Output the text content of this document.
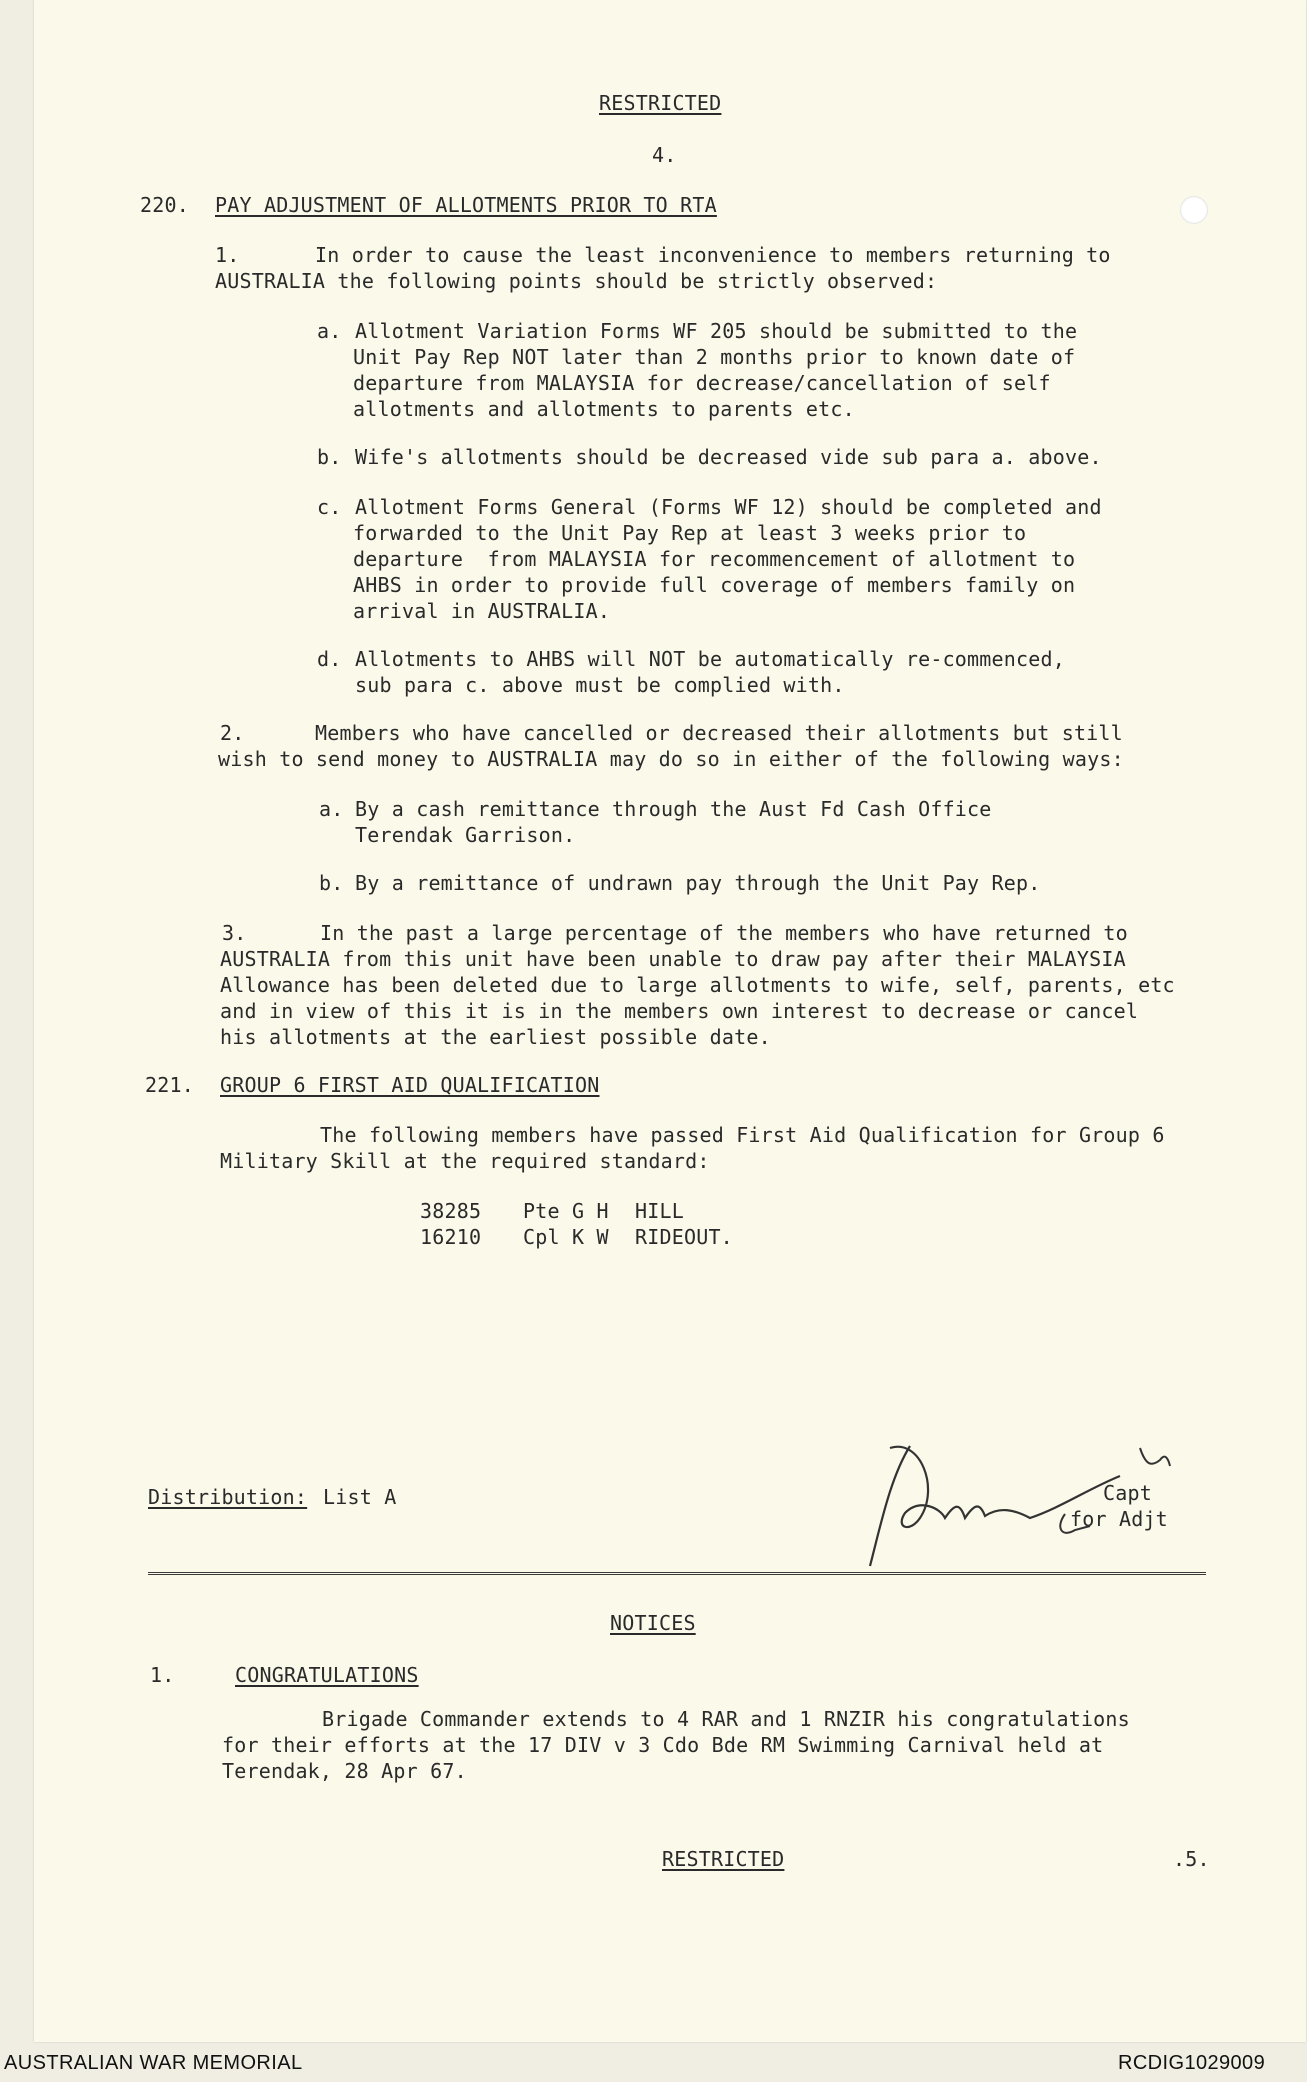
RESTRICTED
4.
220. PAY ADJUSTMENT OF ALLOTMENTS PRIOR TO RTA
1.	In order to cause the least inconvenience to members returning to
AUSTRALIA the following points should be strictly observed:
a. Allotment Variation Forms WF 205 should be submitted to the
Unit Pay Rep NOT later than 2 months prior to known date of
departure from MALAYSIA for decrease/cancellation of self
allotments and allotments to parents etc.
b. Wife's allotments should be decreased vide sub para a. above.
c. Allotment Forms General (Forms WF 12) should be completed and
forwarded to the Unit Pay Rep at least 3 weeks prior to
departure  from MALAYSIA for recommencement of allotment to
AHBS in order to provide full coverage of members family on
arrival in AUSTRALIA.
d. Allotments to AHBS will NOT be automatically re-commenced,
sub para c. above must be complied with.
2.	Members who have cancelled or decreased their allotments but still
wish to send money to AUSTRALIA may do so in either of the following ways:
a. By a cash remittance through the Aust Fd Cash Office
Terendak Garrison.
b. By a remittance of undrawn pay through the Unit Pay Rep.
3.	In the past a large percentage of the members who have returned to
AUSTRALIA from this unit have been unable to draw pay after their MALAYSIA
Allowance has been deleted due to large allotments to wife, self, parents, etc
and in view of this it is in the members own interest to decrease or cancel
his allotments at the earliest possible date.
221. GROUP 6 FIRST AID QUALIFICATION
The following members have passed First Aid Qualification for Group 6
Military Skill at the required standard:
38285 Pte G H HILL
16210 Cpl K W RIDEOUT.
Distribution: List A	Capt
for Adjt
NOTICES
1.	CONGRATULATIONS
Brigade Commander extends to 4 RAR and 1 RNZIR his congratulations
for their efforts at the 17 DIV v 3 Cdo Bde RM Swimming Carnival held at
Terendak, 28 Apr 67.
RESTRICTED	.5.
AUSTRALIAN WAR MEMORIAL	RCDIG1029009
